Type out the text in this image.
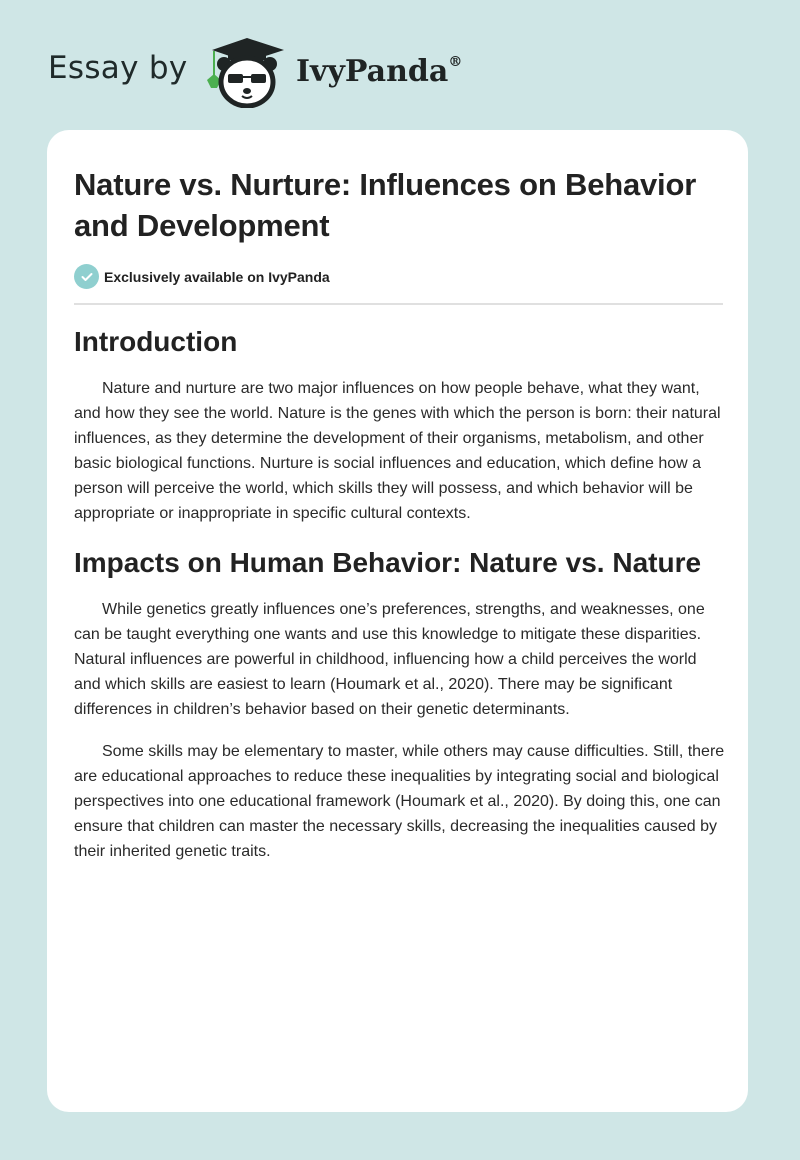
Essay by	IvyPanda®
Nature vs. Nurture: Influences on Behavior and Development
Exclusively available on IvyPanda
Introduction

Nature and nurture are two major influences on how people behave, what they want, and how they see the world. Nature is the genes with which the person is born: their natural influences, as they determine the development of their organisms, metabolism, and other basic biological functions. Nurture is social influences and education, which define how a person will perceive the world, which skills they will possess, and which behavior will be appropriate or inappropriate in specific cultural contexts.

Impacts on Human Behavior: Nature vs. Nature

While genetics greatly influences one’s preferences, strengths, and weaknesses, one can be taught everything one wants and use this knowledge to mitigate these disparities. Natural influences are powerful in childhood, influencing how a child perceives the world and which skills are easiest to learn (Houmark et al., 2020). There may be significant differences in children’s behavior based on their genetic determinants.

Some skills may be elementary to master, while others may cause difficulties. Still, there are educational approaches to reduce these inequalities by integrating social and biological perspectives into one educational framework (Houmark et al., 2020). By doing this, one can ensure that children can master the necessary skills, decreasing the inequalities caused by their inherited genetic traits.
